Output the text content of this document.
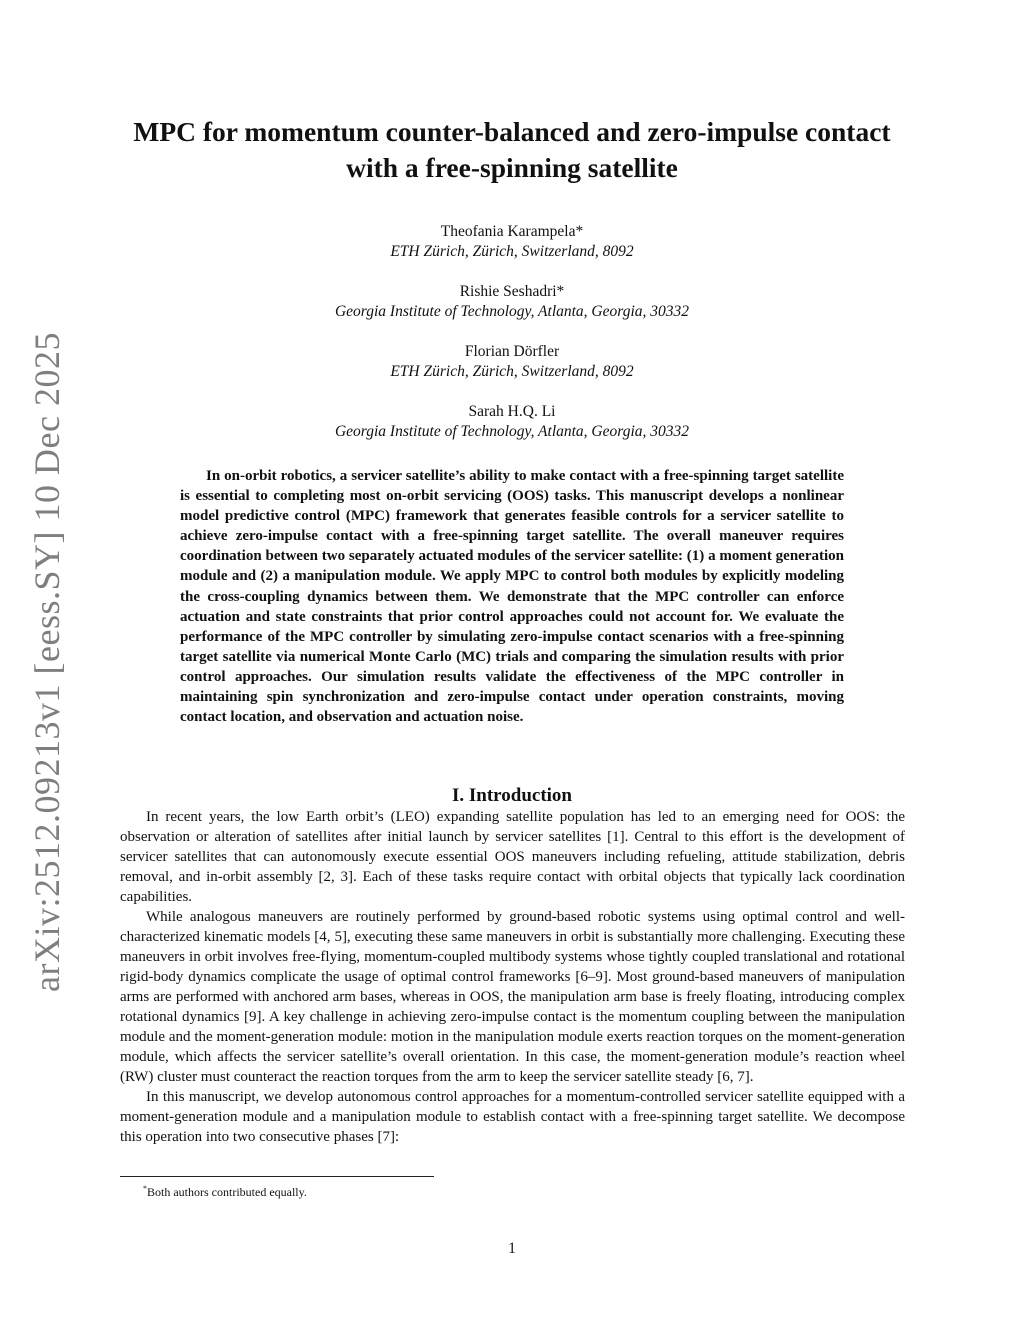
arXiv:2512.09213v1 [eess.SY] 10 Dec 2025
MPC for momentum counter-balanced and zero-impulse contact
with a free-spinning satellite
Theofania Karampela*
ETH Zürich, Zürich, Switzerland, 8092
Rishie Seshadri*
Georgia Institute of Technology, Atlanta, Georgia, 30332
Florian Dörfler
ETH Zürich, Zürich, Switzerland, 8092
Sarah H.Q. Li
Georgia Institute of Technology, Atlanta, Georgia, 30332

In on-orbit robotics, a servicer satellite’s ability to make contact with a free-spinning target satellite is essential to completing most on-orbit servicing (OOS) tasks. This manuscript develops a nonlinear model predictive control (MPC) framework that generates feasible controls for a servicer satellite to achieve zero-impulse contact with a free-spinning target satellite. The overall maneuver requires coordination between two separately actuated modules of the servicer satellite: (1) a moment generation module and (2) a manipulation module. We apply MPC to control both modules by explicitly modeling the cross-coupling dynamics between them. We demonstrate that the MPC controller can enforce actuation and state constraints that prior control approaches could not account for. We evaluate the performance of the MPC controller by simulating zero-impulse contact scenarios with a free-spinning target satellite via numerical Monte Carlo (MC) trials and comparing the simulation results with prior control approaches. Our simulation results validate the effectiveness of the MPC controller in maintaining spin synchronization and zero-impulse contact under operation constraints, moving contact location, and observation and actuation noise.

I. Introduction

In recent years, the low Earth orbit’s (LEO) expanding satellite population has led to an emerging need for OOS: the observation or alteration of satellites after initial launch by servicer satellites [1]. Central to this effort is the development of servicer satellites that can autonomously execute essential OOS maneuvers including refueling, attitude stabilization, debris removal, and in-orbit assembly [2, 3]. Each of these tasks require contact with orbital objects that typically lack coordination capabilities.

While analogous maneuvers are routinely performed by ground-based robotic systems using optimal control and well-characterized kinematic models [4, 5], executing these same maneuvers in orbit is substantially more challenging. Executing these maneuvers in orbit involves free-flying, momentum-coupled multibody systems whose tightly coupled translational and rotational rigid-body dynamics complicate the usage of optimal control frameworks [6–9]. Most ground-based maneuvers of manipulation arms are performed with anchored arm bases, whereas in OOS, the manipulation arm base is freely floating, introducing complex rotational dynamics [9]. A key challenge in achieving zero-impulse contact is the momentum coupling between the manipulation module and the moment-generation module: motion in the manipulation module exerts reaction torques on the moment-generation module, which affects the servicer satellite’s overall orientation. In this case, the moment-generation module’s reaction wheel (RW) cluster must counteract the reaction torques from the arm to keep the servicer satellite steady [6, 7].

In this manuscript, we develop autonomous control approaches for a momentum-controlled servicer satellite equipped with a moment-generation module and a manipulation module to establish contact with a free-spinning target satellite. We decompose this operation into two consecutive phases [7]:

*Both authors contributed equally.
1
